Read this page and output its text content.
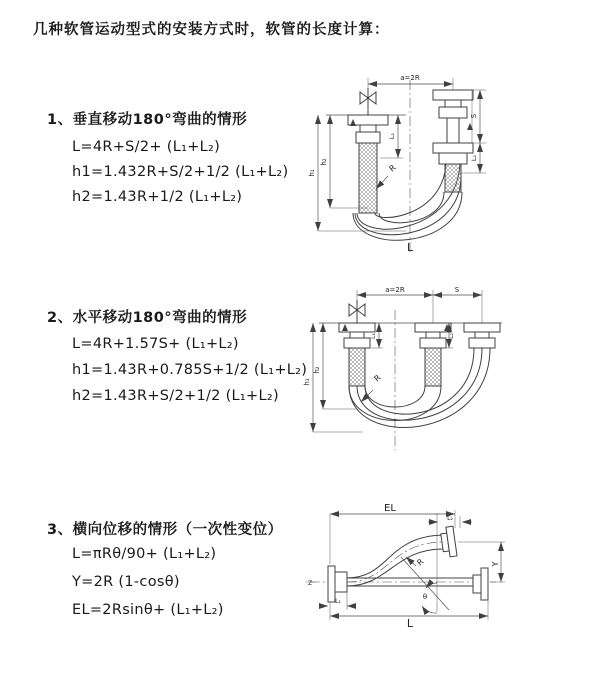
几种软管运动型式的安装方式时，软管的长度计算：
1、垂直移动180°弯曲的情形
L=4R+S/2+ (L₁+L₂)
h1=1.432R+S/2+1/2 (L₁+L₂)
h2=1.43R+1/2 (L₁+L₂)
2、水平移动180°弯曲的情形
L=4R+1.57S+ (L₁+L₂)
h1=1.43R+0.785S+1/2 (L₁+L₂)
h2=1.43R+S/2+1/2 (L₁+L₂)
3、横向位移的情形（一次性变位）
L=πRθ/90+ (L₁+L₂)
Y=2R (1-cosθ)
EL=2Rsinθ+ (L₁+L₂)
a=2R
L₁
S
L₂
h₁
h₂
R
L
a=2R	S
h₁
h₂
L₁	L₂
R
θ
R
EL
L₂
Y
L
L₁
Z
